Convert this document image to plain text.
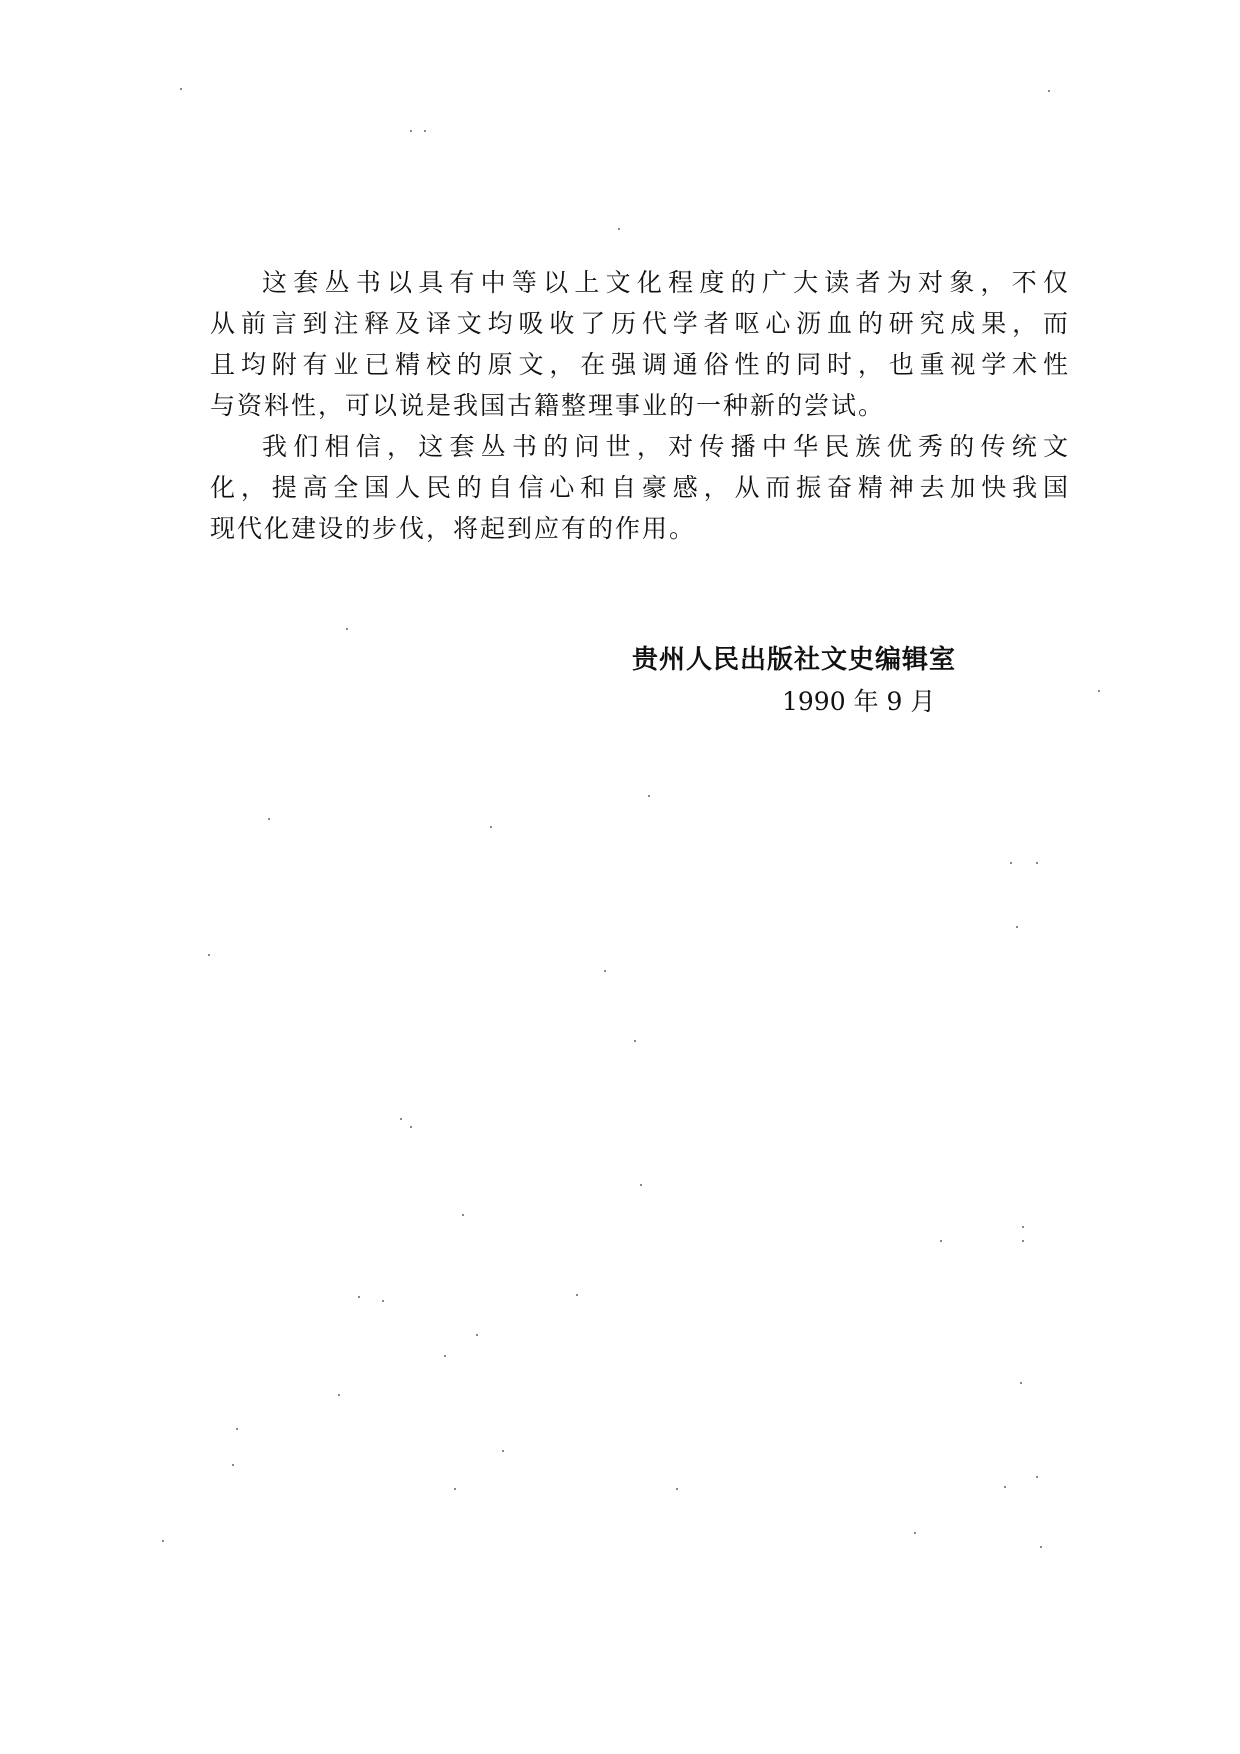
这套丛书以具有中等以上文化程度的广大读者为对象，不仅
从前言到注释及译文均吸收了历代学者呕心沥血的研究成果，而
且均附有业已精校的原文，在强调通俗性的同时，也重视学术性
与资料性，可以说是我国古籍整理事业的一种新的尝试。
我们相信，这套丛书的问世，对传播中华民族优秀的传统文
化，提高全国人民的自信心和自豪感，从而振奋精神去加快我国
现代化建设的步伐，将起到应有的作用。
贵州人民出版社文史编辑室
1990 年 9 月
